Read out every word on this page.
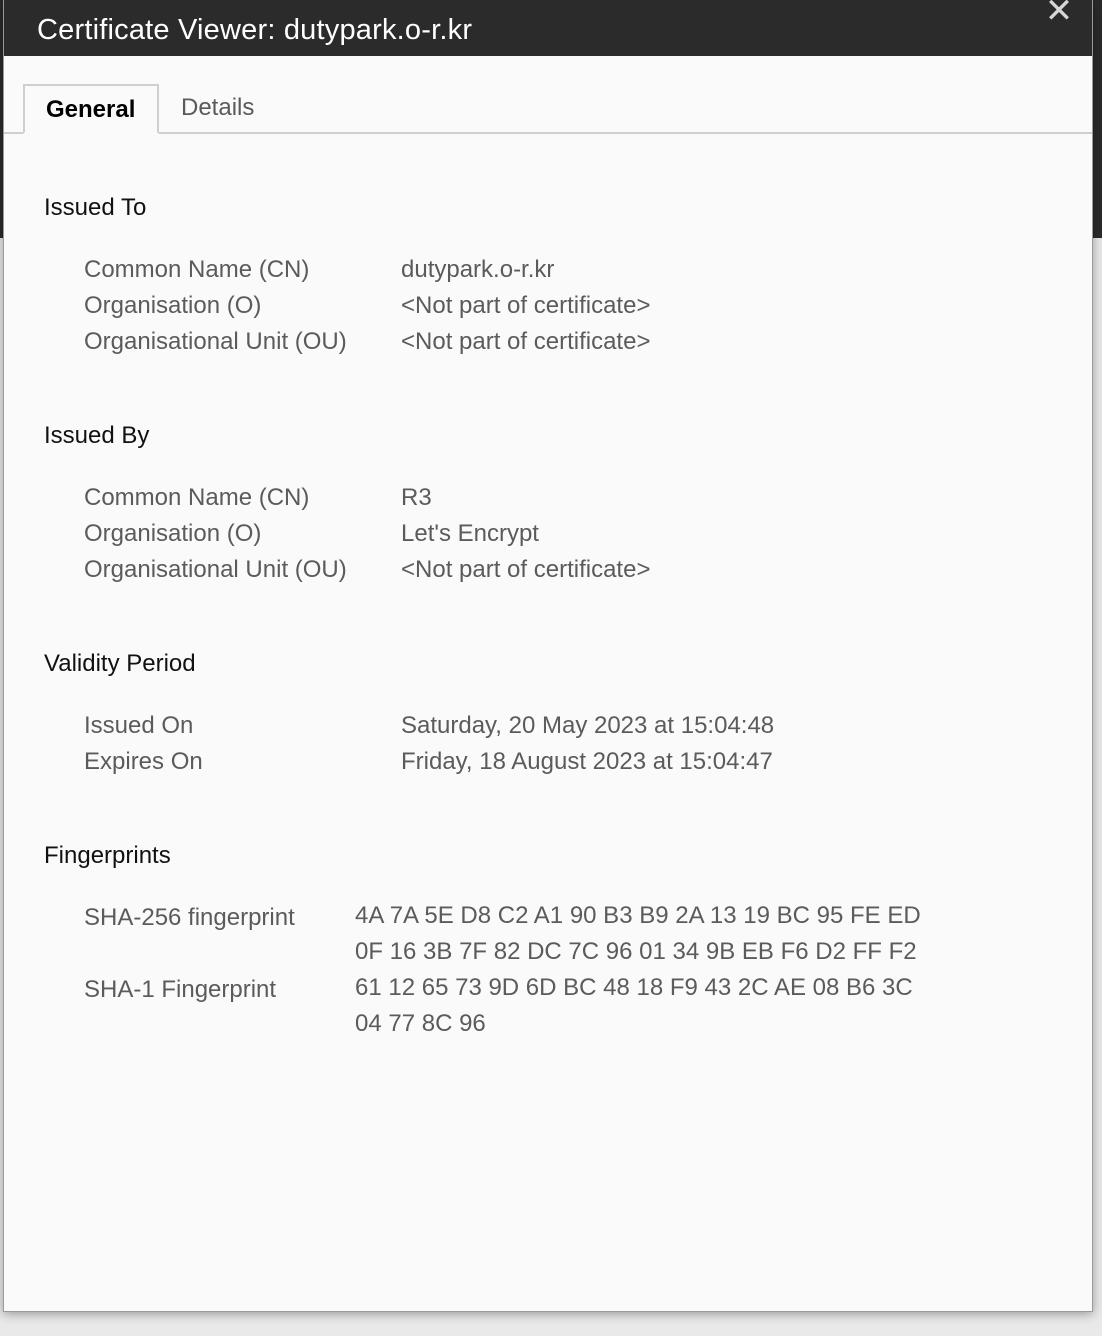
Certificate Viewer: dutypark.o-r.kr	✕
General	Details
Issued To
Common Name (CN)	dutypark.o-r.kr
Organisation (O)	<Not part of certificate>
Organisational Unit (OU) <Not part of certificate>
Issued By
Common Name (CN)	R3
Organisation (O)	Let's Encrypt
Organisational Unit (OU) <Not part of certificate>
Validity Period
Issued On	Saturday, 20 May 2023 at 15:04:48
Expires On	Friday, 18 August 2023 at 15:04:47
Fingerprints
SHA-256 fingerprint	4A 7A 5E D8 C2 A1 90 B3 B9 2A 13 19 BC 95 FE ED
0F 16 3B 7F 82 DC 7C 96 01 34 9B EB F6 D2 FF F2
SHA-1 Fingerprint	61 12 65 73 9D 6D BC 48 18 F9 43 2C AE 08 B6 3C
04 77 8C 96
